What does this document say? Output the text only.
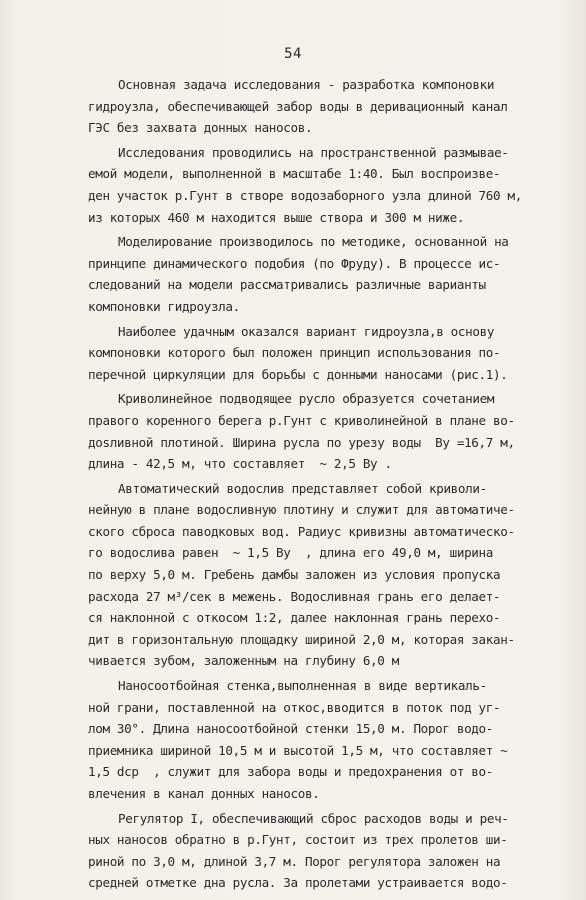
54
Основная задача исследования - разработка компоновки
гидроузла, обеспечивающей забор воды в деривационный канал
ГЭС без захвата донных наносов.
Исследования проводились на пространственной размывае-
емой модели, выполненной в масштабе 1:40. Был воспроизве-
ден участок р.Гунт в створе водозаборного узла длиной 760 м,
из которых 460 м находится выше створа и 300 м ниже.
Моделирование производилось по методике, основанной на
принципе динамического подобия (по Фруду). В процессе ис-
следований на модели рассматривались различные варианты
компоновки гидроузла.
Наиболее удачным оказался вариант гидроузла,в основу
компоновки которого был положен принцип использования по-
перечной циркуляции для борьбы с донными наносами (рис.1).
Криволинейное подводящее русло образуется сочетанием
правого коренного берега р.Гунт с криволинейной в плане во-
дosливной плотиной. Ширина русла по урезу воды  By =16,7 м,
длина - 42,5 м, что составляет  ~ 2,5 By .
Автоматический водослив представляет собой криволи-
нейную в плане водосливную плотину и служит для автоматиче-
ского сброса паводковых вод. Радиус кривизны автоматическо-
го водослива равен  ~ 1,5 By  , длина его 49,0 м, ширина
по верху 5,0 м. Гребень дамбы заложен из условия пропуска
расхода 27 м³/сек в межень. Водосливная грань его делает-
ся наклонной с откосом 1:2, далее наклонная грань перехо-
дит в горизонтальную площадку шириной 2,0 м, которая закан-
чивается зубом, заложенным на глубину 6,0 м
Наносоотбойная стенка,выполненная в виде вертикаль-
ной грани, поставленной на откос,вводится в поток под уг-
лом 30°. Длина наносоотбойной стенки 15,0 м. Порог водо-
приемника шириной 10,5 м и высотой 1,5 м, что составляет ~
1,5 dcp  , служит для забора воды и предохранения от во-
влечения в канал донных наносов.
Регулятор I, обеспечивающий сброс расходов воды и реч-
ных наносов обратно в р.Гунт, состоит из трех пролетов ши-
риной по 3,0 м, длиной 3,7 м. Порог регулятора заложен на
средней отметке дна русла. За пролетами устраивается водо-
